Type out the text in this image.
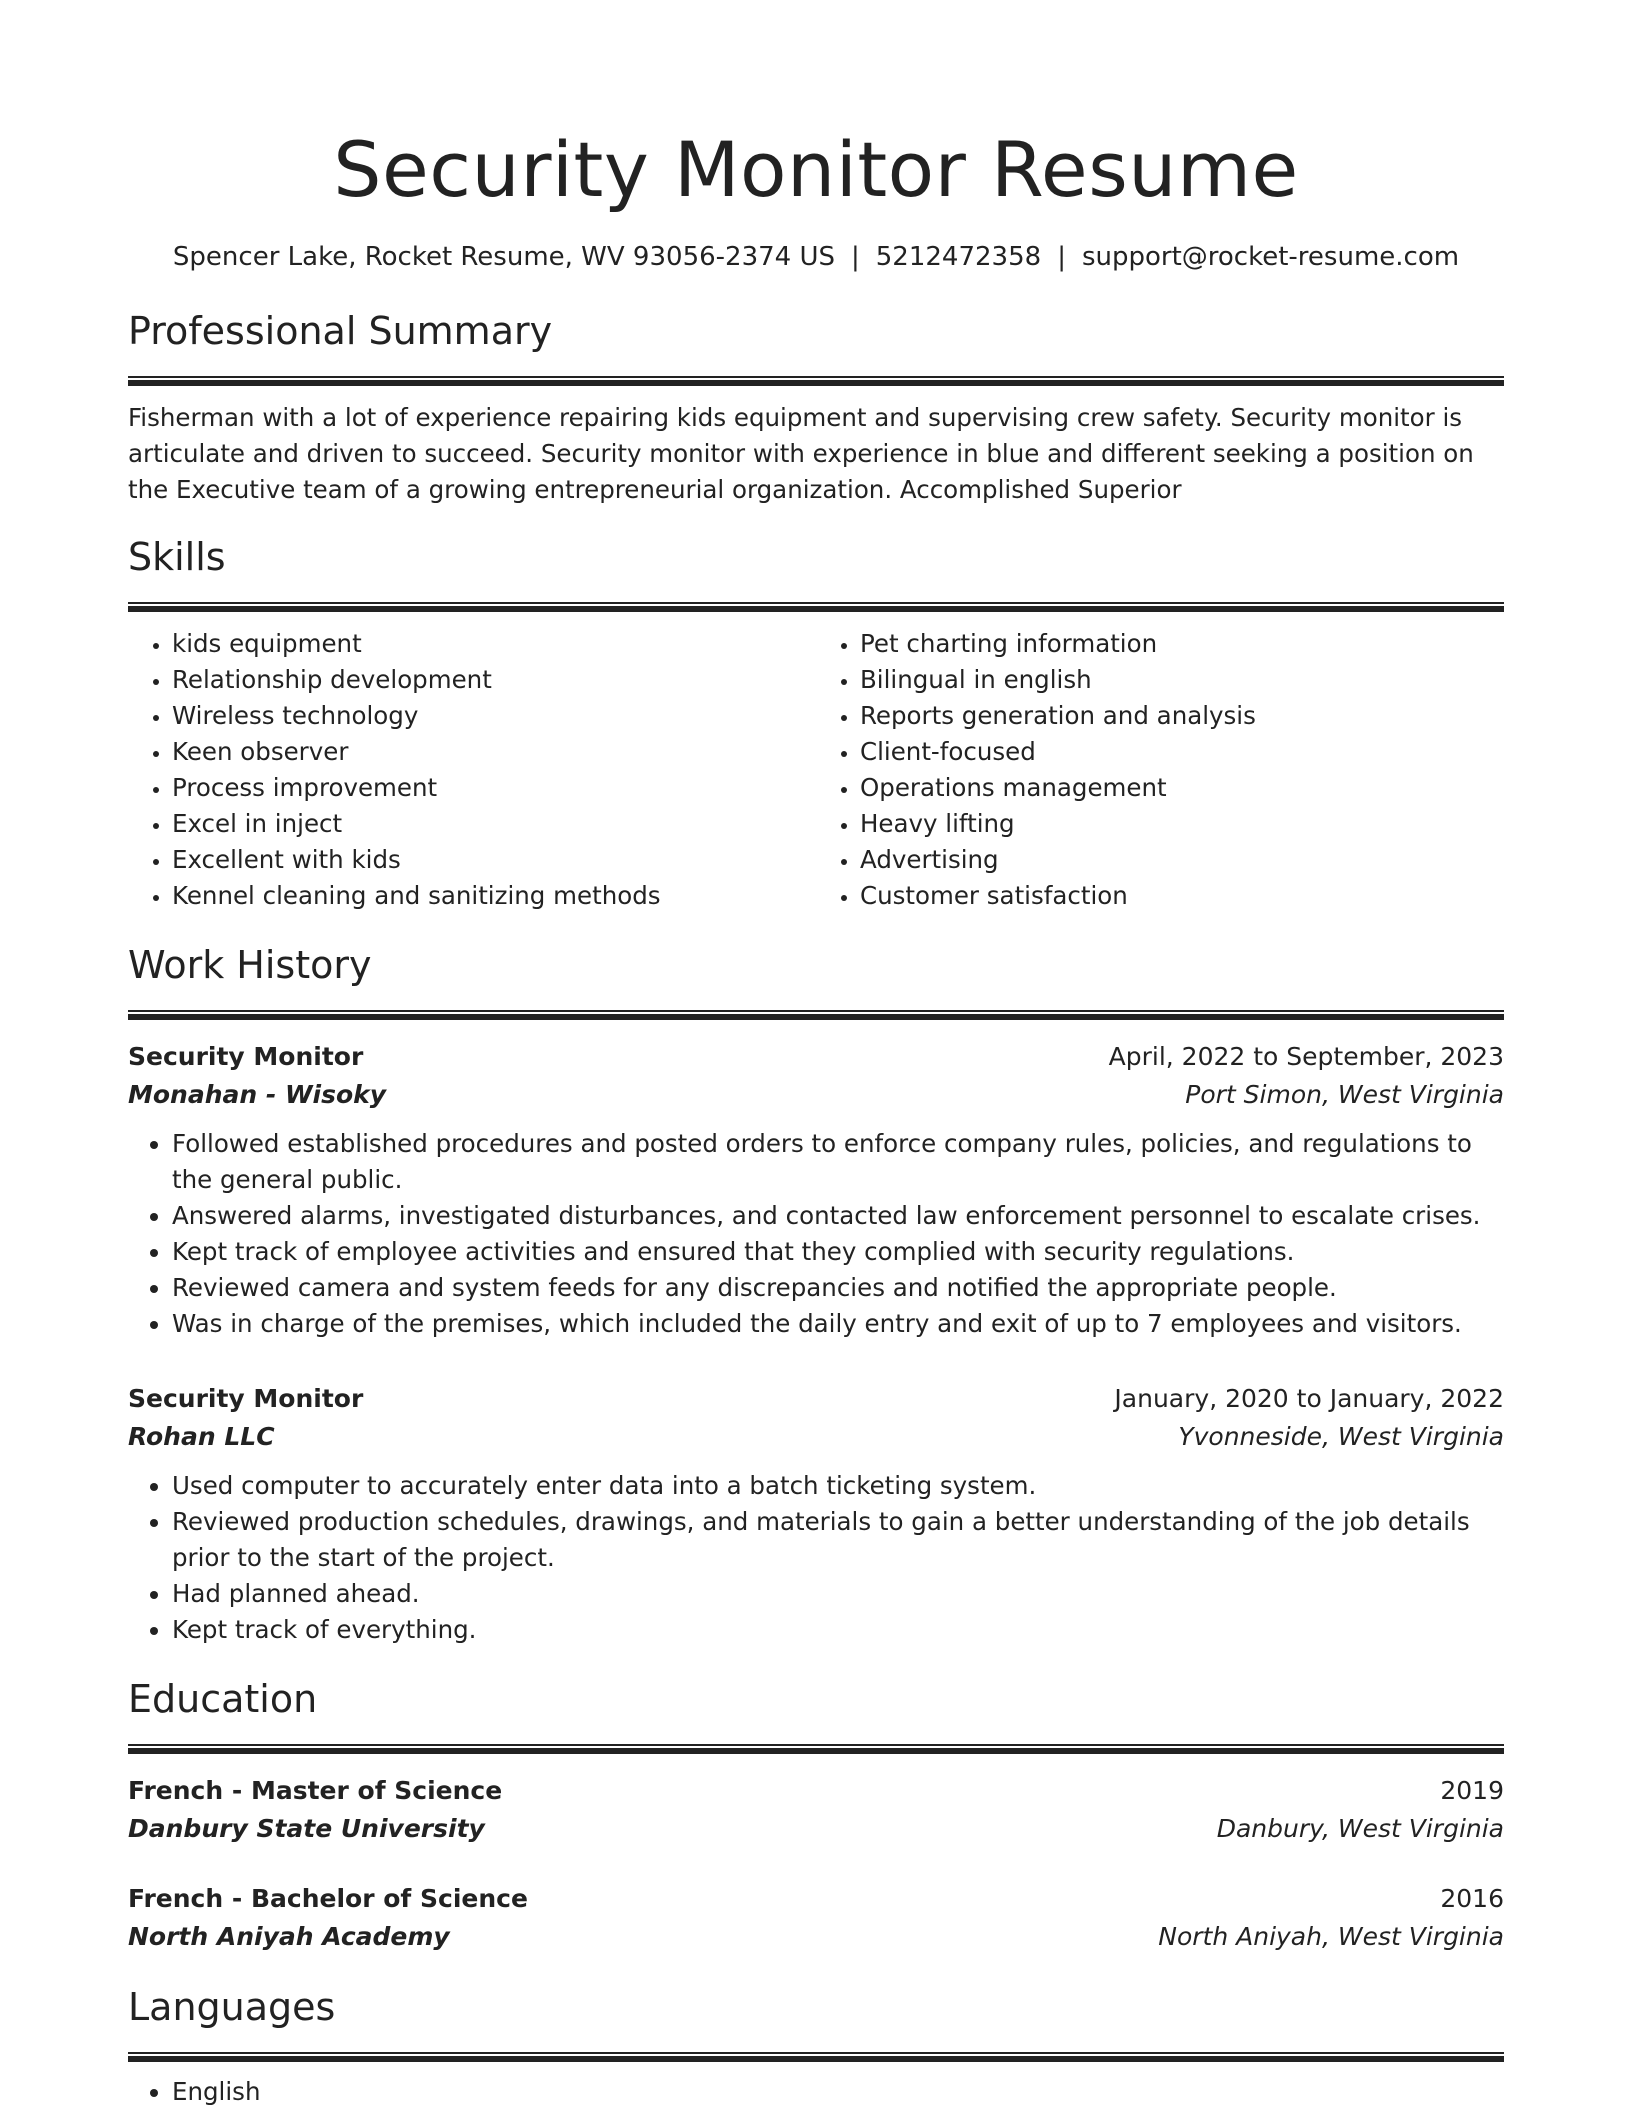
Security Monitor Resume
Spencer Lake, Rocket Resume, WV 93056-2374 US | 5212472358 | support@rocket-resume.com
Professional Summary

Fisherman with a lot of experience repairing kids equipment and supervising crew safety. Security monitor is articulate and driven to succeed. Security monitor with experience in blue and different seeking a position on the Executive team of a growing entrepreneurial organization. Accomplished Superior

Skills
• kids equipment
• Relationship development
• Wireless technology
• Keen observer
• Process improvement
• Excel in inject
• Excellent with kids
• Kennel cleaning and sanitizing methods
• Pet charting information
• Bilingual in english
• Reports generation and analysis
• Client-focused
• Operations management
• Heavy lifting
• Advertising
• Customer satisfaction
Work History
Security Monitor	April, 2022 to September, 2023
Monahan - Wisoky	Port Simon, West Virginia
• Followed established procedures and posted orders to enforce company rules, policies, and regulations to the general public.
• Answered alarms, investigated disturbances, and contacted law enforcement personnel to escalate crises.
• Kept track of employee activities and ensured that they complied with security regulations.
• Reviewed camera and system feeds for any discrepancies and notified the appropriate people.
• Was in charge of the premises, which included the daily entry and exit of up to 7 employees and visitors.
Security Monitor	January, 2020 to January, 2022
Rohan LLC	Yvonneside, West Virginia
• Used computer to accurately enter data into a batch ticketing system.
• Reviewed production schedules, drawings, and materials to gain a better understanding of the job details prior to the start of the project.
• Had planned ahead.
• Kept track of everything.
Education
French - Master of Science	2019
Danbury State University	Danbury, West Virginia
French - Bachelor of Science	2016
North Aniyah Academy	North Aniyah, West Virginia
Languages
• English
